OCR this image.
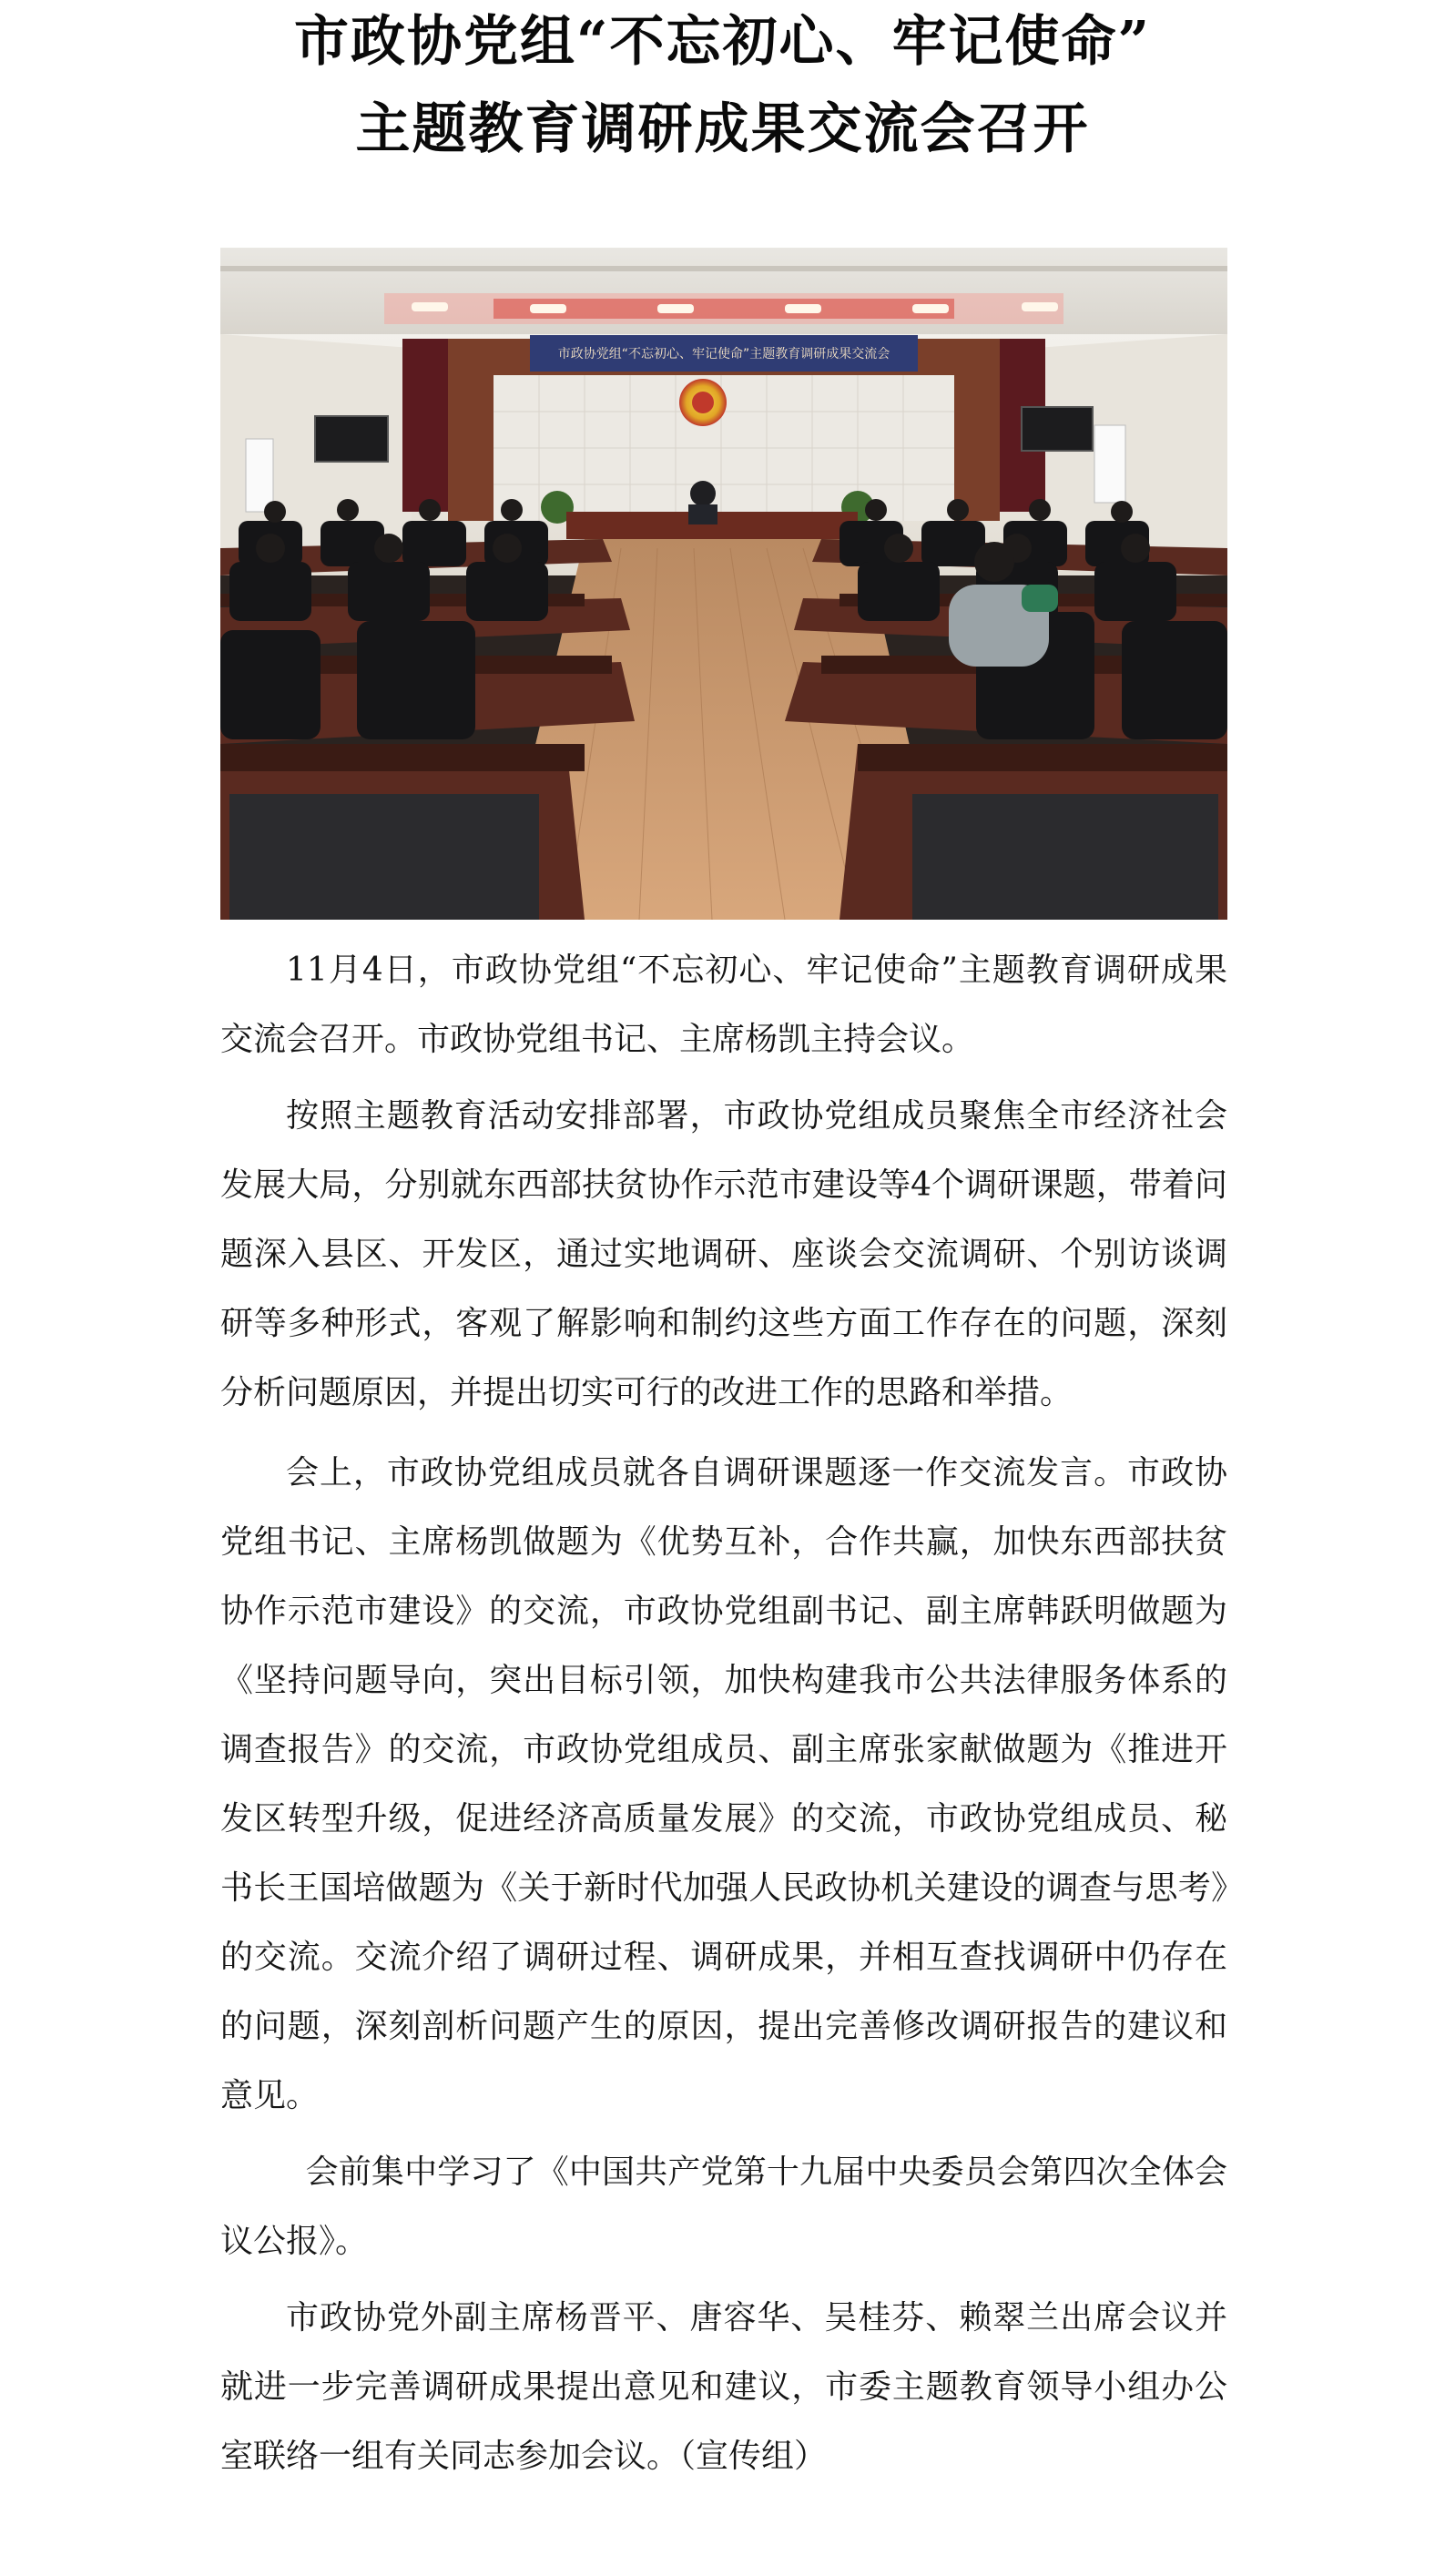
市政协党组“不忘初心、牢记使命”
主题教育调研成果交流会召开
市政协党组“不忘初心、牢记使命”主题教育调研成果交流会

11月4日，市政协党组“不忘初心、牢记使命”主题教育调研成果交流会召开。市政协党组书记、主席杨凯主持会议。

按照主题教育活动安排部署，市政协党组成员聚焦全市经济社会发展大局，分别就东西部扶贫协作示范市建设等4个调研课题，带着问题深入县区、开发区，通过实地调研、座谈会交流调研、个别访谈调研等多种形式，客观了解影响和制约这些方面工作存在的问题，深刻分析问题原因，并提出切实可行的改进工作的思路和举措。

会上，市政协党组成员就各自调研课题逐一作交流发言。市政协党组书记、主席杨凯做题为《优势互补，合作共赢，加快东西部扶贫协作示范市建设》的交流，市政协党组副书记、副主席韩跃明做题为《坚持问题导向，突出目标引领，加快构建我市公共法律服务体系的调查报告》的交流，市政协党组成员、副主席张家献做题为《推进开发区转型升级，促进经济高质量发展》的交流，市政协党组成员、秘书长王国培做题为《关于新时代加强人民政协机关建设的调查与思考》的交流。交流介绍了调研过程、调研成果，并相互查找调研中仍存在的问题，深刻剖析问题产生的原因，提出完善修改调研报告的建议和意见。

会前集中学习了《中国共产党第十九届中央委员会第四次全体会议公报》。

市政协党外副主席杨晋平、唐容华、吴桂芬、赖翠兰出席会议并就进一步完善调研成果提出意见和建议，市委主题教育领导小组办公室联络一组有关同志参加会议。（宣传组）
